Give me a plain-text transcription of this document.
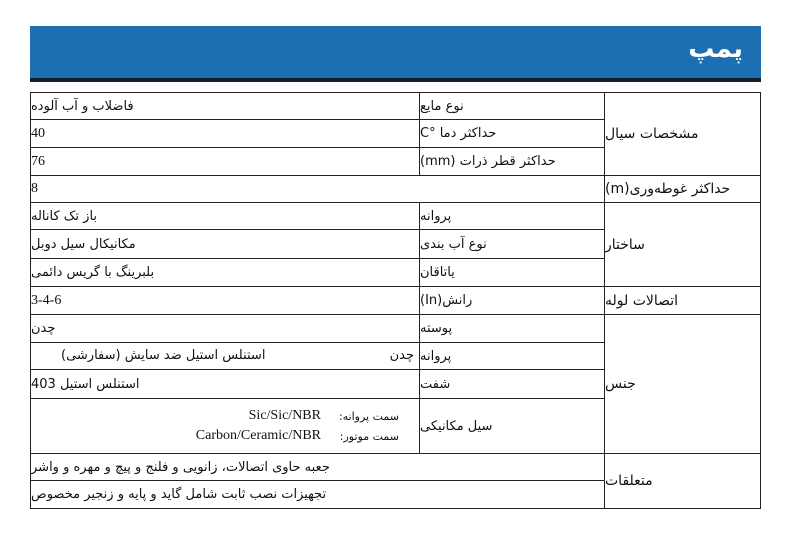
پمپ
مشخصات سیال
نوع مایع
فاضلاب و آب آلوده
حداکثر دما °C
40
حداکثر قطر ذرات (mm)
76
حداکثر غوطه‌وری(m)
8
ساختار
پروانه
باز تک کاناله
نوع آب بندی
مکانیکال سیل دوبل
یاتاقان
بلبرینگ با گریس دائمی
اتصالات لوله
رانش(In)
3-4-6
جنس
پوسته
چدن
پروانه
چدن
استنلس استیل ضد سایش (سفارشی)
شفت
استنلس استیل 403
سیل مکانیکی
سمت پروانه:
Sic/Sic/NBR
سمت موتور:
Carbon/Ceramic/NBR
متعلقات
جعبه حاوی اتصالات، زانویی و فلنج و پیچ و مهره و واشر
تجهیزات نصب ثابت شامل گاید و پایه و زنجیر مخصوص
